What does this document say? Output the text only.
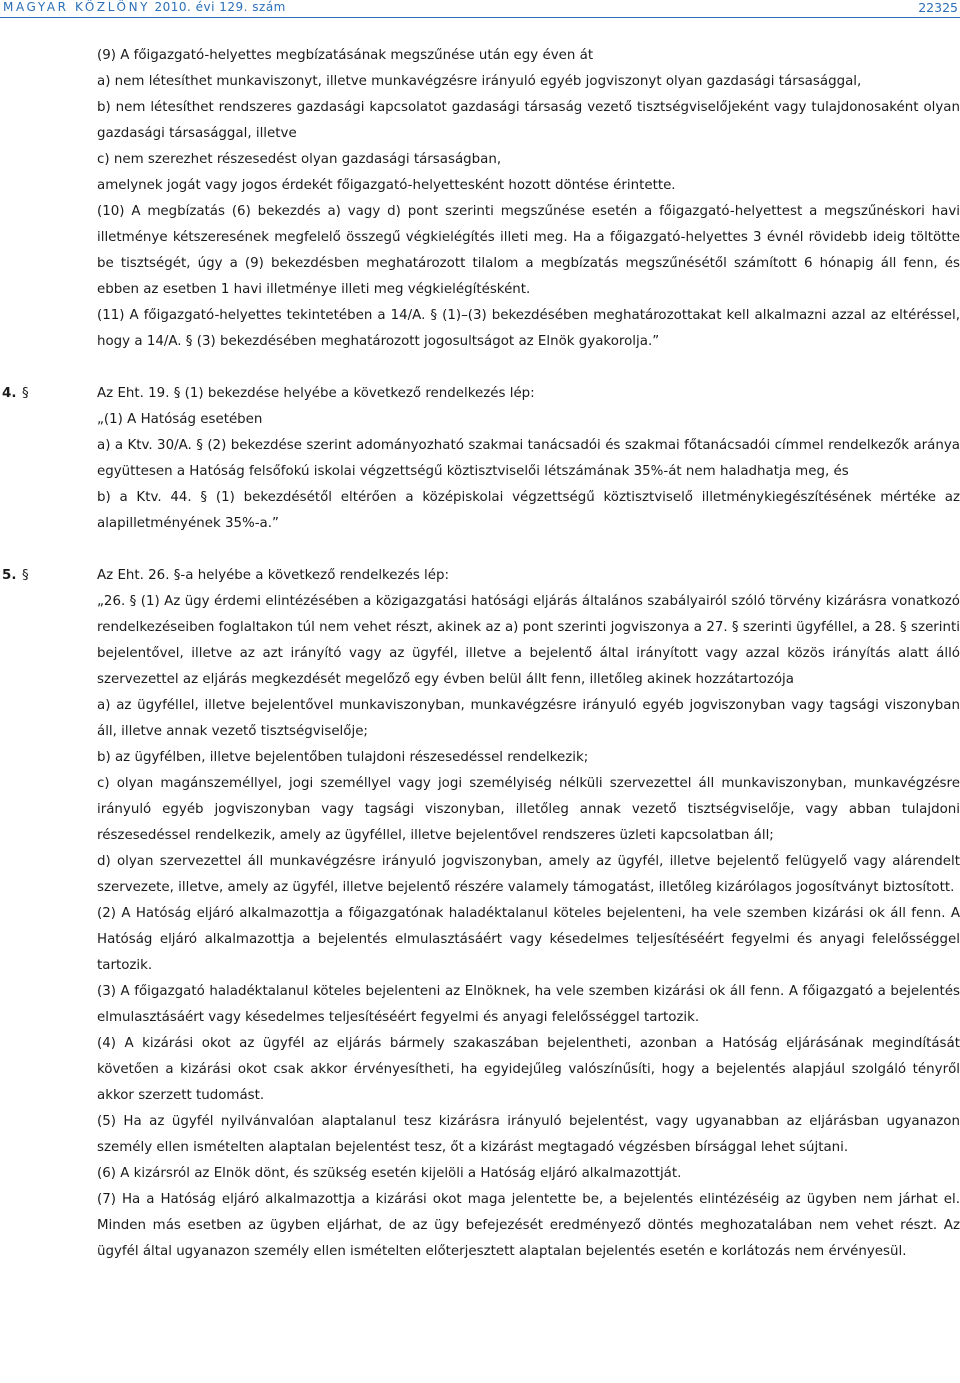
MAGYAR KÖZLÖNY 2010. évi 129. szám	22325

(9) A főigazgató-helyettes megbízatásának megszűnése után egy éven át

a) nem létesíthet munkaviszonyt, illetve munkavégzésre irányuló egyéb jogviszonyt olyan gazdasági társasággal,

b) nem létesíthet rendszeres gazdasági kapcsolatot gazdasági társaság vezető tisztségviselőjeként vagy tulajdonosaként olyan gazdasági társasággal, illetve

c) nem szerezhet részesedést olyan gazdasági társaságban,

amelynek jogát vagy jogos érdekét főigazgató-helyettesként hozott döntése érintette.

(10) A megbízatás (6) bekezdés a) vagy d) pont szerinti megszűnése esetén a főigazgató-helyettest a megszűnéskori havi illetménye kétszeresének megfelelő összegű végkielégítés illeti meg. Ha a főigazgató-helyettes 3 évnél rövidebb ideig töltötte be tisztségét, úgy a (9) bekezdésben meghatározott tilalom a megbízatás megszűnésétől számított 6 hónapig áll fenn, és ebben az esetben 1 havi illetménye illeti meg végkielégítésként.

(11) A főigazgató-helyettes tekintetében a 14/A. § (1)–(3) bekezdésében meghatározottakat kell alkalmazni azzal az eltéréssel, hogy a 14/A. § (3) bekezdésében meghatározott jogosultságot az Elnök gyakorolja.”

4. §	Az Eht. 19. § (1) bekezdése helyébe a következő rendelkezés lép:

„(1) A Hatóság esetében

a) a Ktv. 30/A. § (2) bekezdése szerint adományozható szakmai tanácsadói és szakmai főtanácsadói címmel rendelkezők aránya együttesen a Hatóság felsőfokú iskolai végzettségű köztisztviselői létszámának 35%-át nem haladhatja meg, és

b) a Ktv. 44. § (1) bekezdésétől eltérően a középiskolai végzettségű köztisztviselő illetménykiegészítésének mértéke az alapilletményének 35%-a.”

5. §	Az Eht. 26. §-a helyébe a következő rendelkezés lép:

„26. § (1) Az ügy érdemi elintézésében a közigazgatási hatósági eljárás általános szabályairól szóló törvény kizárásra vonatkozó rendelkezéseiben foglaltakon túl nem vehet részt, akinek az a) pont szerinti jogviszonya a 27. § szerinti ügyféllel, a 28. § szerinti bejelentővel, illetve az azt irányító vagy az ügyfél, illetve a bejelentő által irányított vagy azzal közös irányítás alatt álló szervezettel az eljárás megkezdését megelőző egy évben belül állt fenn, illetőleg akinek hozzátartozója

a) az ügyféllel, illetve bejelentővel munkaviszonyban, munkavégzésre irányuló egyéb jogviszonyban vagy tagsági viszonyban áll, illetve annak vezető tisztségviselője;

b) az ügyfélben, illetve bejelentőben tulajdoni részesedéssel rendelkezik;

c) olyan magánszeméllyel, jogi személlyel vagy jogi személyiség nélküli szervezettel áll munkaviszonyban, munkavégzésre irányuló egyéb jogviszonyban vagy tagsági viszonyban, illetőleg annak vezető tisztségviselője, vagy abban tulajdoni részesedéssel rendelkezik, amely az ügyféllel, illetve bejelentővel rendszeres üzleti kapcsolatban áll;

d) olyan szervezettel áll munkavégzésre irányuló jogviszonyban, amely az ügyfél, illetve bejelentő felügyelő vagy alárendelt szervezete, illetve, amely az ügyfél, illetve bejelentő részére valamely támogatást, illetőleg kizárólagos jogosítványt biztosított.

(2) A Hatóság eljáró alkalmazottja a főigazgatónak haladéktalanul köteles bejelenteni, ha vele szemben kizárási ok áll fenn. A Hatóság eljáró alkalmazottja a bejelentés elmulasztásáért vagy késedelmes teljesítéséért fegyelmi és anyagi felelősséggel tartozik.

(3) A főigazgató haladéktalanul köteles bejelenteni az Elnöknek, ha vele szemben kizárási ok áll fenn. A főigazgató a bejelentés elmulasztásáért vagy késedelmes teljesítéséért fegyelmi és anyagi felelősséggel tartozik.

(4) A kizárási okot az ügyfél az eljárás bármely szakaszában bejelentheti, azonban a Hatóság eljárásának megindítását követően a kizárási okot csak akkor érvényesítheti, ha egyidejűleg valószínűsíti, hogy a bejelentés alapjául szolgáló tényről akkor szerzett tudomást.

(5) Ha az ügyfél nyilvánvalóan alaptalanul tesz kizárásra irányuló bejelentést, vagy ugyanabban az eljárásban ugyanazon személy ellen ismételten alaptalan bejelentést tesz, őt a kizárást megtagadó végzésben bírsággal lehet sújtani.

(6) A kizársról az Elnök dönt, és szükség esetén kijelöli a Hatóság eljáró alkalmazottját.

(7) Ha a Hatóság eljáró alkalmazottja a kizárási okot maga jelentette be, a bejelentés elintézéséig az ügyben nem járhat el. Minden más esetben az ügyben eljárhat, de az ügy befejezését eredményező döntés meghozatalában nem vehet részt. Az ügyfél által ugyanazon személy ellen ismételten előterjesztett alaptalan bejelentés esetén e korlátozás nem érvényesül.
